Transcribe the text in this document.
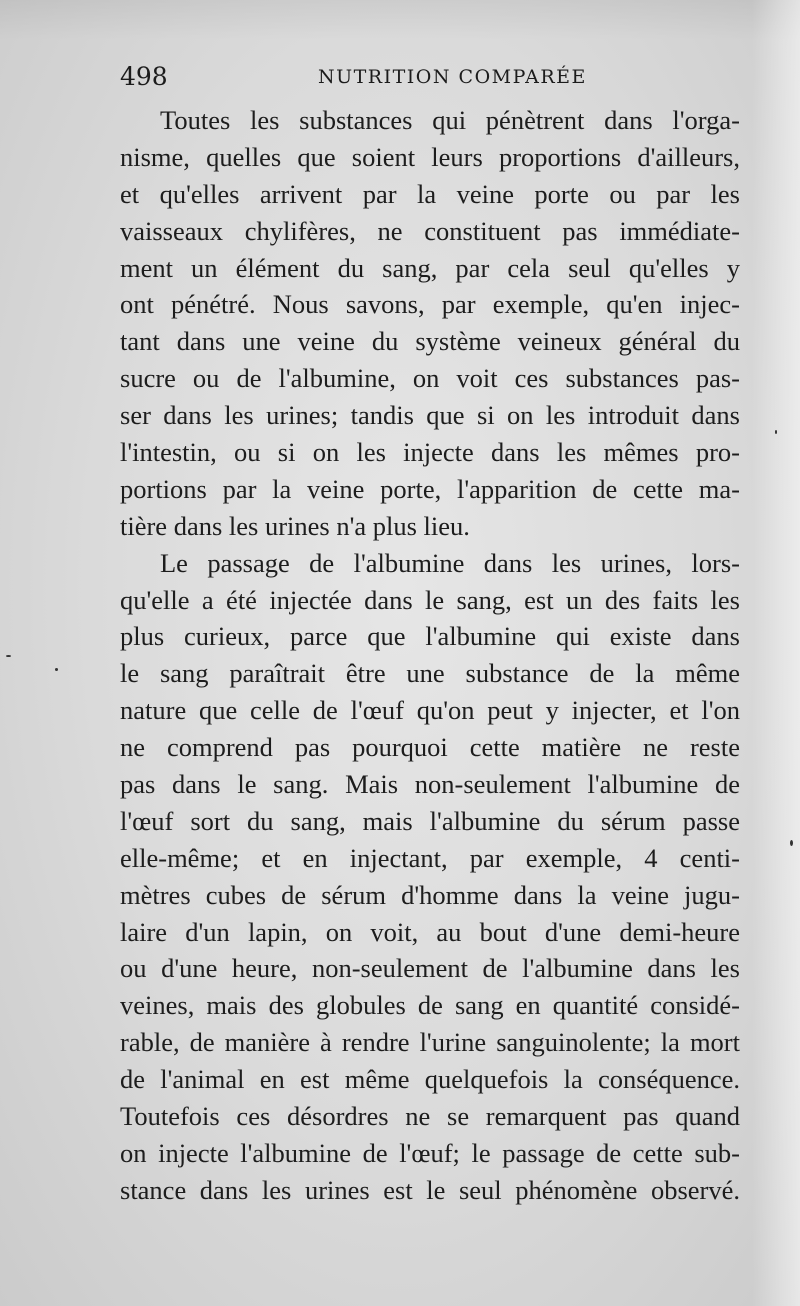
498	NUTRITION COMPARÉE
Toutes les substances qui pénètrent dans l'orga-
nisme, quelles que soient leurs proportions d'ailleurs,
et qu'elles arrivent par la veine porte ou par les
vaisseaux chylifères, ne constituent pas immédiate-
ment un élément du sang, par cela seul qu'elles y
ont pénétré. Nous savons, par exemple, qu'en injec-
tant dans une veine du système veineux général du
sucre ou de l'albumine, on voit ces substances pas-
ser dans les urines; tandis que si on les introduit dans
l'intestin, ou si on les injecte dans les mêmes pro-
portions par la veine porte, l'apparition de cette ma-
tière dans les urines n'a plus lieu.
Le passage de l'albumine dans les urines, lors-
qu'elle a été injectée dans le sang, est un des faits les
plus curieux, parce que l'albumine qui existe dans
le sang paraîtrait être une substance de la même
nature que celle de l'œuf qu'on peut y injecter, et l'on
ne comprend pas pourquoi cette matière ne reste
pas dans le sang. Mais non-seulement l'albumine de
l'œuf sort du sang, mais l'albumine du sérum passe
elle-même; et en injectant, par exemple, 4 centi-
mètres cubes de sérum d'homme dans la veine jugu-
laire d'un lapin, on voit, au bout d'une demi-heure
ou d'une heure, non-seulement de l'albumine dans les
veines, mais des globules de sang en quantité considé-
rable, de manière à rendre l'urine sanguinolente; la mort
de l'animal en est même quelquefois la conséquence.
Toutefois ces désordres ne se remarquent pas quand
on injecte l'albumine de l'œuf; le passage de cette sub-
stance dans les urines est le seul phénomène observé.
